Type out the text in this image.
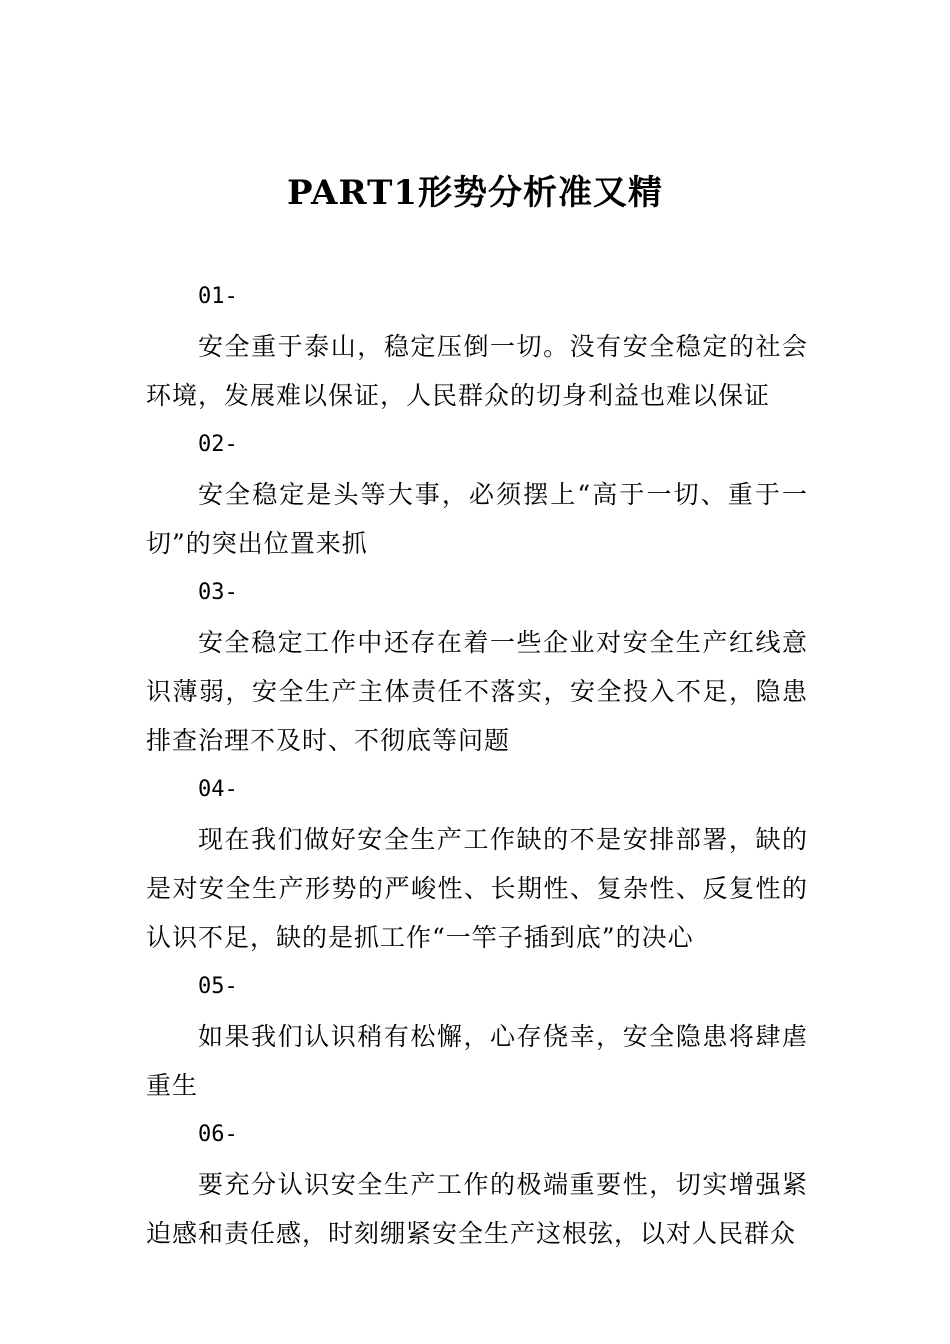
PART1形势分析准又精

01-

安全重于泰山，稳定压倒一切。没有安全稳定的社会环境，发展难以保证，人民群众的切身利益也难以保证

02-

安全稳定是头等大事，必须摆上“高于一切、重于一切”的突出位置来抓

03-

安全稳定工作中还存在着一些企业对安全生产红线意识薄弱，安全生产主体责任不落实，安全投入不足，隐患排查治理不及时、不彻底等问题

04-

现在我们做好安全生产工作缺的不是安排部署，缺的是对安全生产形势的严峻性、长期性、复杂性、反复性的认识不足，缺的是抓工作“一竿子插到底”的决心

05-

如果我们认识稍有松懈，心存侥幸，安全隐患将肆虐重生

06-

要充分认识安全生产工作的极端重要性，切实增强紧迫感和责任感，时刻绷紧安全生产这根弦，以对人民群众
